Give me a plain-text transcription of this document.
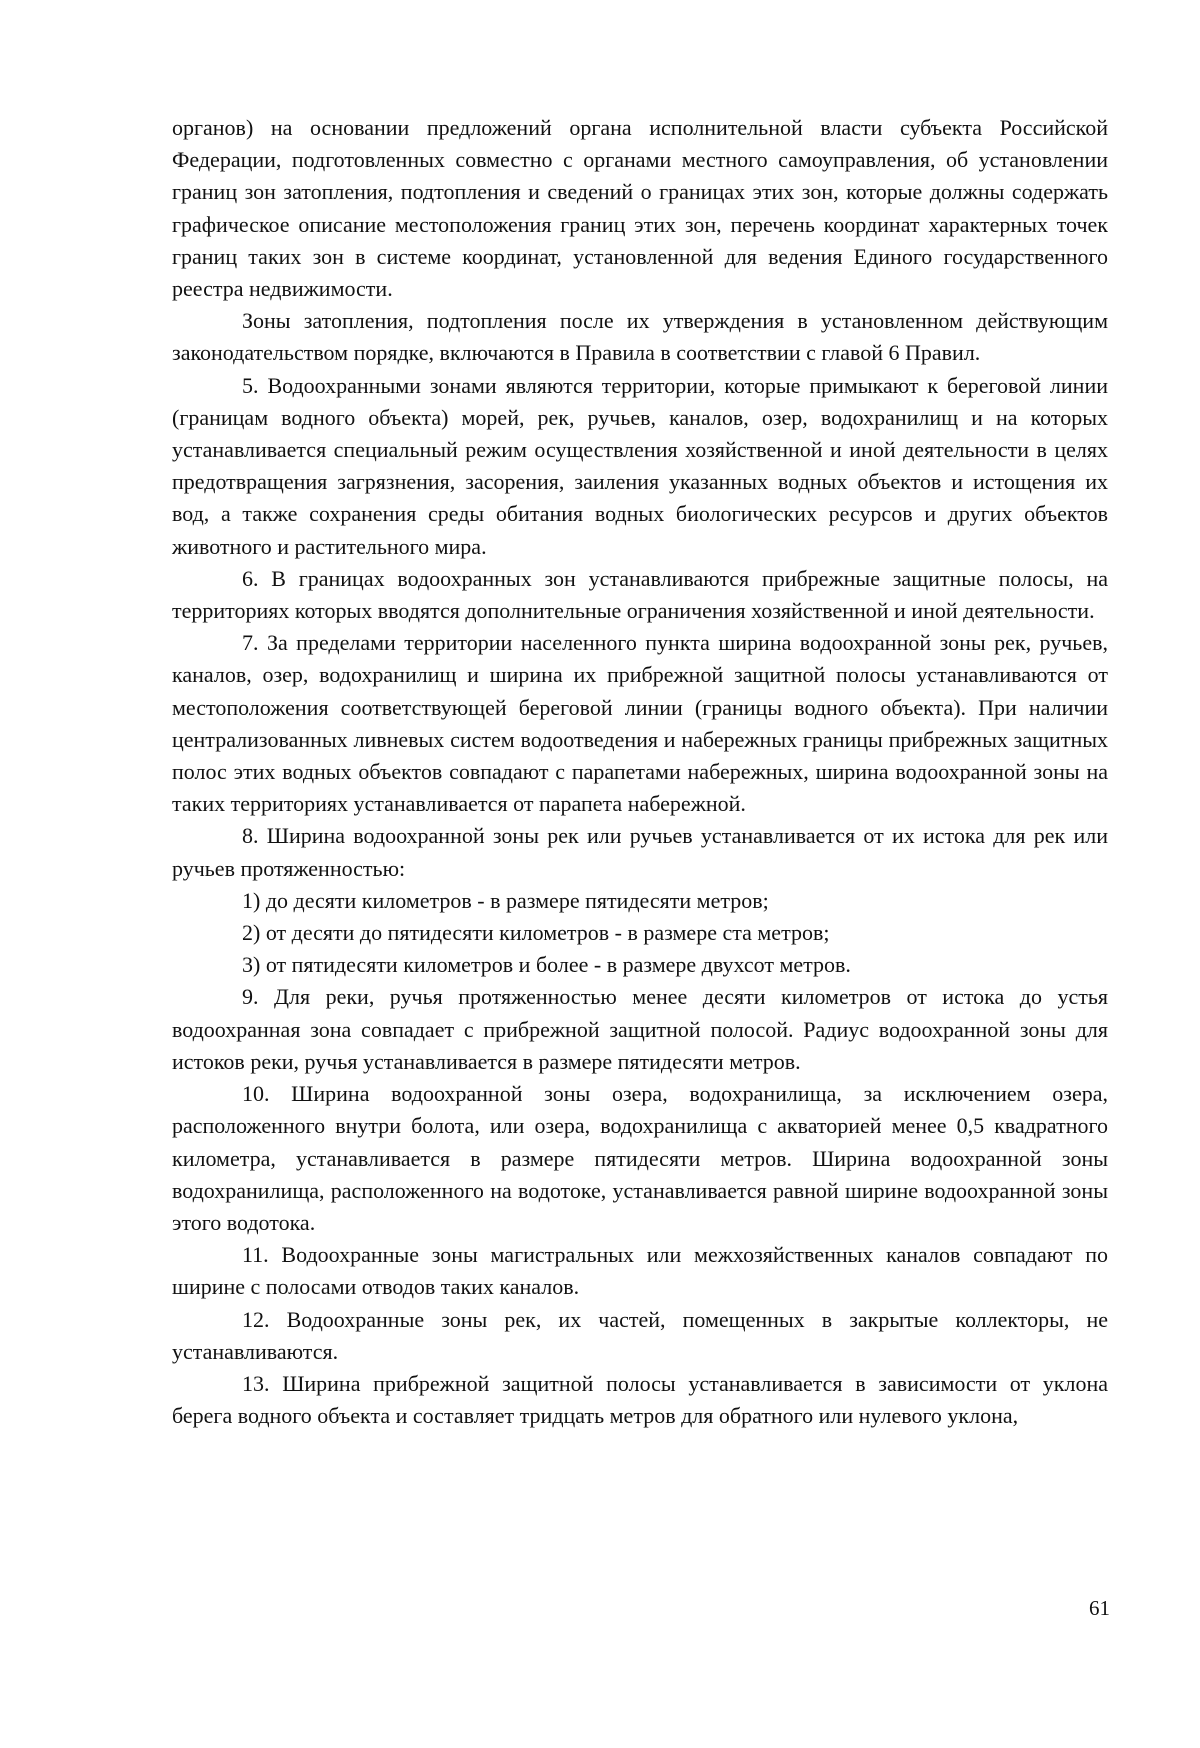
органов) на основании предложений органа исполнительной власти субъекта Российской Федерации, подготовленных совместно с органами местного самоуправления, об установлении границ зон затопления, подтопления и сведений о границах этих зон, которые должны содержать графическое описание местоположения границ этих зон, перечень координат характерных точек границ таких зон в системе координат, установленной для ведения Единого государственного реестра недвижимости.

Зоны затопления, подтопления после их утверждения в установленном действующим законодательством порядке, включаются в Правила в соответствии с главой 6 Правил.

5. Водоохранными зонами являются территории, которые примыкают к береговой линии (границам водного объекта) морей, рек, ручьев, каналов, озер, водохранилищ и на которых устанавливается специальный режим осуществления хозяйственной и иной деятельности в целях предотвращения загрязнения, засорения, заиления указанных водных объектов и истощения их вод, а также сохранения среды обитания водных биологических ресурсов и других объектов животного и растительного мира.

6. В границах водоохранных зон устанавливаются прибрежные защитные полосы, на территориях которых вводятся дополнительные ограничения хозяйственной и иной деятельности.

7. За пределами территории населенного пункта ширина водоохранной зоны рек, ручьев, каналов, озер, водохранилищ и ширина их прибрежной защитной полосы устанавливаются от местоположения соответствующей береговой линии (границы водного объекта). При наличии централизованных ливневых систем водоотведения и набережных границы прибрежных защитных полос этих водных объектов совпадают с парапетами набережных, ширина водоохранной зоны на таких территориях устанавливается от парапета набережной.

8. Ширина водоохранной зоны рек или ручьев устанавливается от их истока для рек или ручьев протяженностью:

1) до десяти километров - в размере пятидесяти метров;

2) от десяти до пятидесяти километров - в размере ста метров;

3) от пятидесяти километров и более - в размере двухсот метров.

9. Для реки, ручья протяженностью менее десяти километров от истока до устья водоохранная зона совпадает с прибрежной защитной полосой. Радиус водоохранной зоны для истоков реки, ручья устанавливается в размере пятидесяти метров.

10. Ширина водоохранной зоны озера, водохранилища, за исключением озера, расположенного внутри болота, или озера, водохранилища с акваторией менее 0,5 квадратного километра, устанавливается в размере пятидесяти метров. Ширина водоохранной зоны водохранилища, расположенного на водотоке, устанавливается равной ширине водоохранной зоны этого водотока.

11. Водоохранные зоны магистральных или межхозяйственных каналов совпадают по ширине с полосами отводов таких каналов.

12. Водоохранные зоны рек, их частей, помещенных в закрытые коллекторы, не устанавливаются.

13. Ширина прибрежной защитной полосы устанавливается в зависимости от уклона берега водного объекта и составляет тридцать метров для обратного или нулевого уклона,

61
